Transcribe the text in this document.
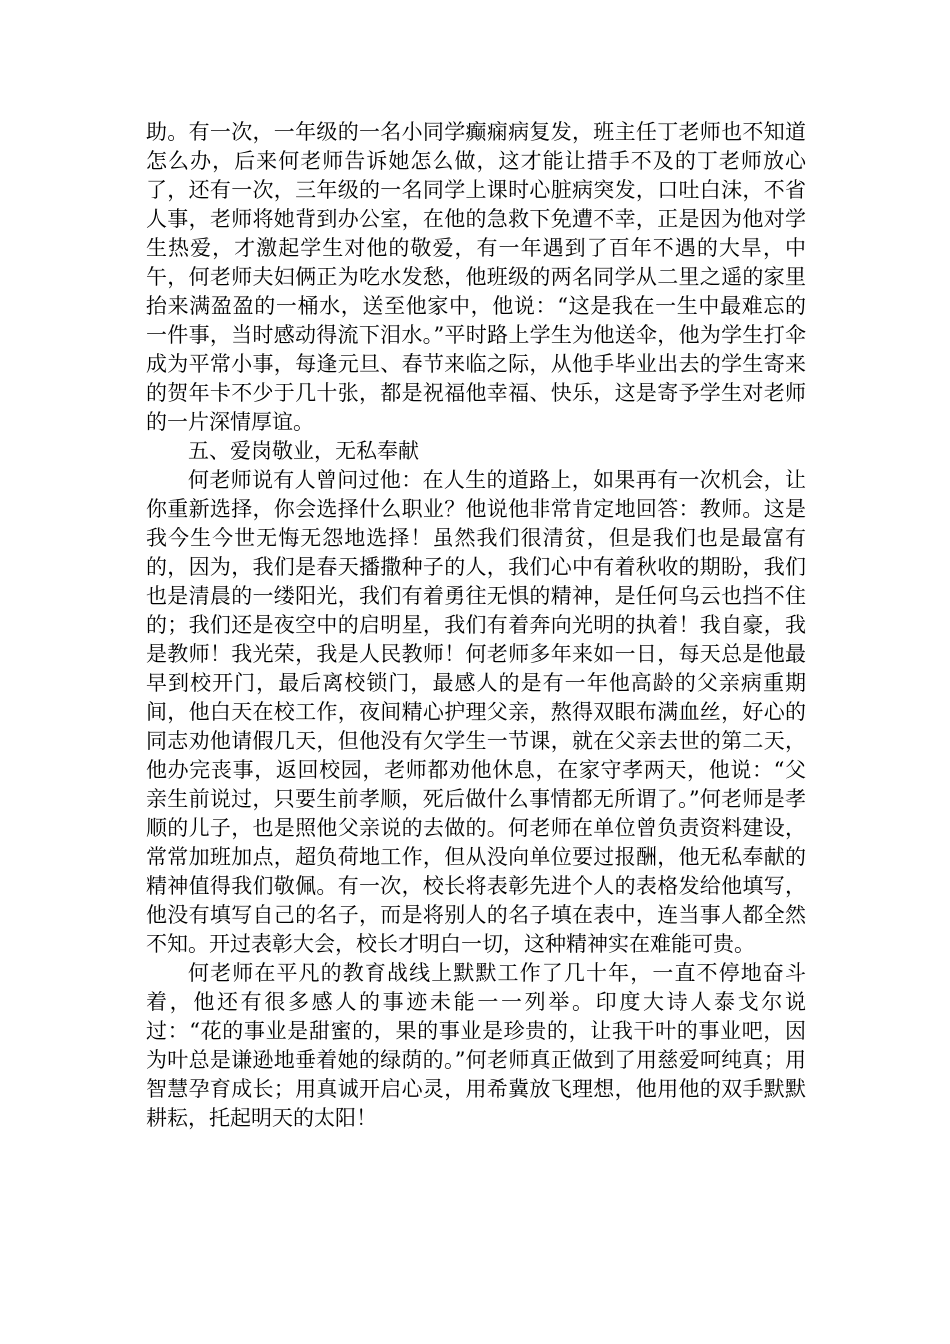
助。有一次，一年级的一名小同学癫痫病复发，班主任丁老师也不知道怎么办，后来何老师告诉她怎么做，这才能让措手不及的丁老师放心了，还有一次，三年级的一名同学上课时心脏病突发，口吐白沫，不省人事，老师将她背到办公室，在他的急救下免遭不幸，正是因为他对学生热爱，才激起学生对他的敬爱，有一年遇到了百年不遇的大旱，中午，何老师夫妇俩正为吃水发愁，他班级的两名同学从二里之遥的家里抬来满盈盈的一桶水，送至他家中，他说：“这是我在一生中最难忘的一件事，当时感动得流下泪水。”平时路上学生为他送伞，他为学生打伞成为平常小事，每逢元旦、春节来临之际，从他手毕业出去的学生寄来的贺年卡不少于几十张，都是祝福他幸福、快乐，这是寄予学生对老师的一片深情厚谊。

五、爱岗敬业，无私奉献

何老师说有人曾问过他：在人生的道路上，如果再有一次机会，让你重新选择，你会选择什么职业？他说他非常肯定地回答：教师。这是我今生今世无悔无怨地选择！虽然我们很清贫，但是我们也是最富有的，因为，我们是春天播撒种子的人，我们心中有着秋收的期盼，我们也是清晨的一缕阳光，我们有着勇往无惧的精神，是任何乌云也挡不住的；我们还是夜空中的启明星，我们有着奔向光明的执着！我自豪，我是教师！我光荣，我是人民教师！何老师多年来如一日，每天总是他最早到校开门，最后离校锁门，最感人的是有一年他高龄的父亲病重期间，他白天在校工作，夜间精心护理父亲，熬得双眼布满血丝，好心的同志劝他请假几天，但他没有欠学生一节课，就在父亲去世的第二天，他办完丧事，返回校园，老师都劝他休息，在家守孝两天，他说：“父亲生前说过，只要生前孝顺，死后做什么事情都无所谓了。”何老师是孝顺的儿子，也是照他父亲说的去做的。何老师在单位曾负责资料建设，常常加班加点，超负荷地工作，但从没向单位要过报酬，他无私奉献的精神值得我们敬佩。有一次，校长将表彰先进个人的表格发给他填写，他没有填写自己的名子，而是将别人的名子填在表中，连当事人都全然不知。开过表彰大会，校长才明白一切，这种精神实在难能可贵。

何老师在平凡的教育战线上默默工作了几十年，一直不停地奋斗着，他还有很多感人的事迹未能一一列举。印度大诗人泰戈尔说过：“花的事业是甜蜜的，果的事业是珍贵的，让我干叶的事业吧，因为叶总是谦逊地垂着她的绿荫的。”何老师真正做到了用慈爱呵纯真；用智慧孕育成长；用真诚开启心灵，用希冀放飞理想，他用他的双手默默耕耘，托起明天的太阳！
